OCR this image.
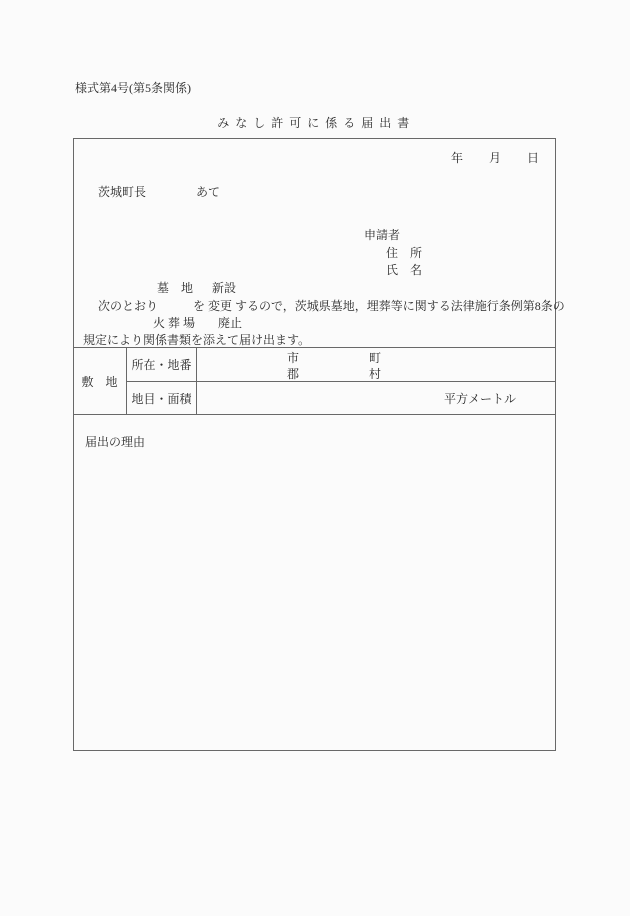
様式第4号(第5条関係)
み な し 許 可 に 係 る 届 出 書
年 月 日
茨城町長	あて
申請者
住　所
氏　名
墓　地 新設
次のとおり	を 変更 するので，茨城県墓地，埋葬等に関する法律施行条例第8条の
火 葬 場 廃止
規定により関係書類を添えて届け出ます。
敷　地
所在・地番	市	町
郡	村
地目・面積	平方メートル
届出の理由
